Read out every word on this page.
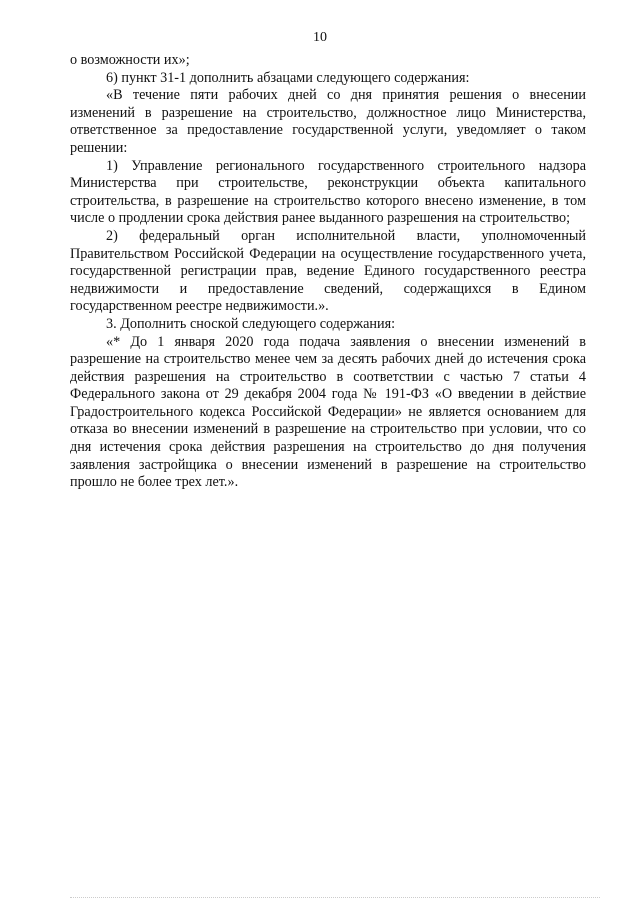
10

о возможности их»;

6) пункт 31-1 дополнить абзацами следующего содержания:

«В течение пяти рабочих дней со дня принятия решения о внесении изменений в разрешение на строительство, должностное лицо Министерства, ответственное за предоставление государственной услуги, уведомляет о таком решении:

1) Управление регионального государственного строительного надзора Министерства при строительстве, реконструкции объекта капитального строительства, в разрешение на строительство которого внесено изменение, в том числе о продлении срока действия ранее выданного разрешения на строительство;

2) федеральный орган исполнительной власти, уполномоченный Правительством Российской Федерации на осуществление государственного учета, государственной регистрации прав, ведение Единого государственного реестра недвижимости и предоставление сведений, содержащихся в Едином государственном реестре недвижимости.».

3. Дополнить сноской следующего содержания:

«* До 1 января 2020 года подача заявления о внесении изменений в разрешение на строительство менее чем за десять рабочих дней до истечения срока действия разрешения на строительство в соответствии с частью 7 статьи 4 Федерального закона от 29 декабря 2004 года № 191-ФЗ «О введении в действие Градостроительного кодекса Российской Федерации» не является основанием для отказа во внесении изменений в разрешение на строительство при условии, что со дня истечения срока действия разрешения на строительство до дня получения заявления застройщика о внесении изменений в разрешение на строительство прошло не более трех лет.».
